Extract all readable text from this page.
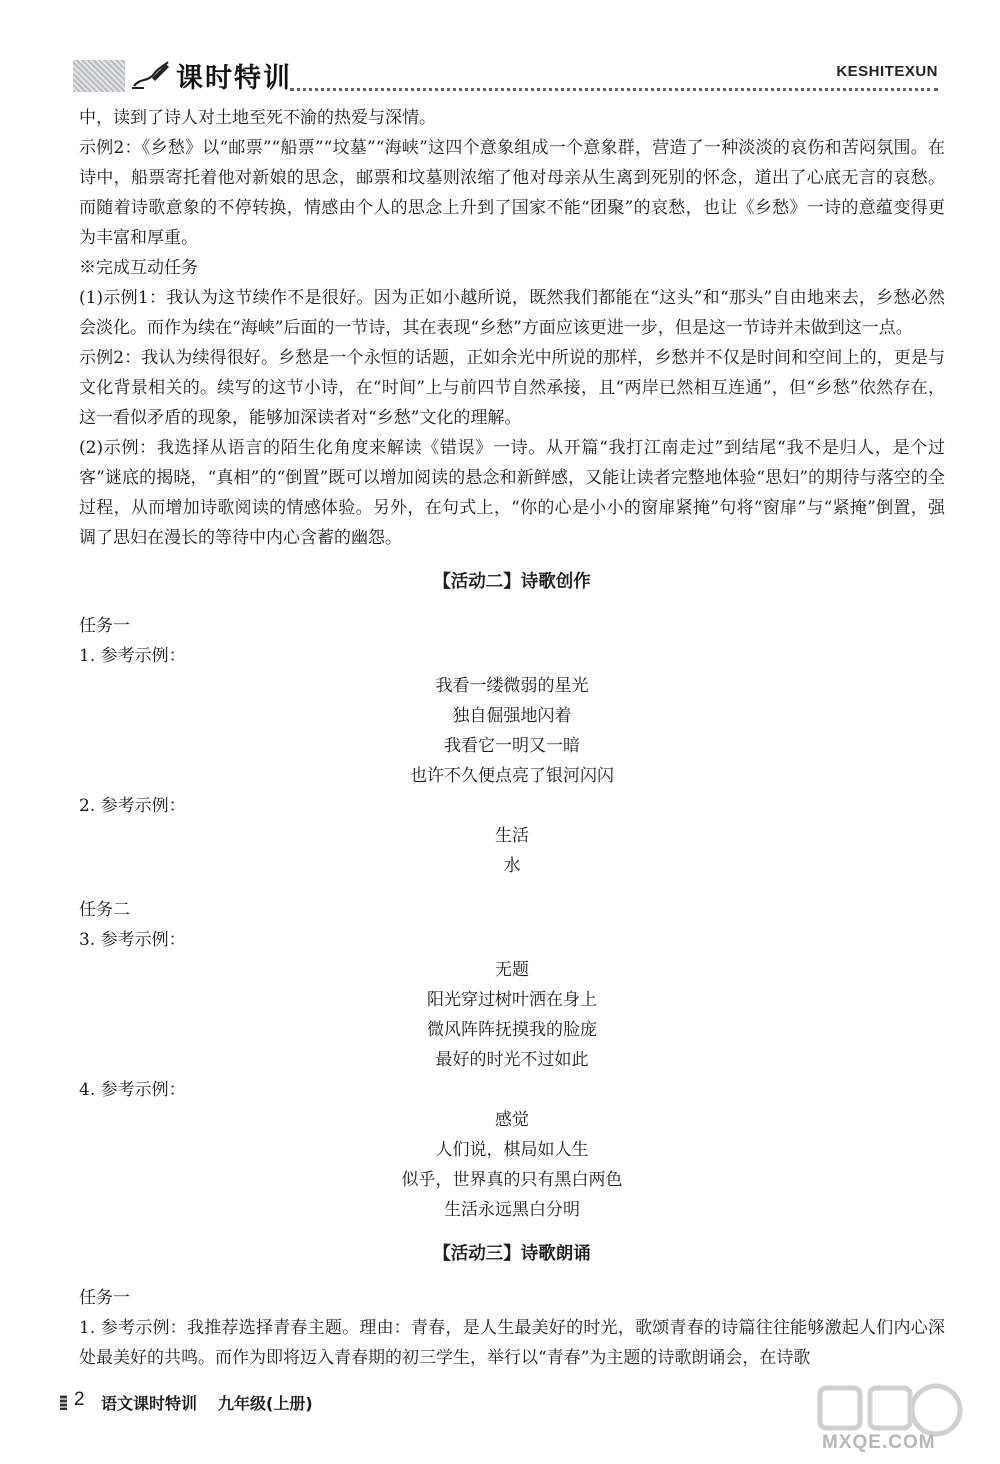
课时特训	KESHITEXUN

中，读到了诗人对土地至死不渝的热爱与深情。

示例2：《乡愁》以“邮票”“船票”“坟墓”“海峡”这四个意象组成一个意象群，营造了一种淡淡的哀伤和苦闷氛围。在诗中，船票寄托着他对新娘的思念，邮票和坟墓则浓缩了他对母亲从生离到死别的怀念，道出了心底无言的哀愁。而随着诗歌意象的不停转换，情感由个人的思念上升到了国家不能“团聚”的哀愁，也让《乡愁》一诗的意蕴变得更为丰富和厚重。

※完成互动任务

(1)示例1：我认为这节续作不是很好。因为正如小越所说，既然我们都能在“这头”和“那头”自由地来去，乡愁必然会淡化。而作为续在“海峡”后面的一节诗，其在表现“乡愁”方面应该更进一步，但是这一节诗并未做到这一点。

示例2：我认为续得很好。乡愁是一个永恒的话题，正如余光中所说的那样，乡愁并不仅是时间和空间上的，更是与文化背景相关的。续写的这节小诗，在“时间”上与前四节自然承接，且“两岸已然相互连通”，但“乡愁”依然存在，这一看似矛盾的现象，能够加深读者对“乡愁”文化的理解。

(2)示例：我选择从语言的陌生化角度来解读《错误》一诗。从开篇“我打江南走过”到结尾“我不是归人，是个过客”谜底的揭晓，“真相”的“倒置”既可以增加阅读的悬念和新鲜感，又能让读者完整地体验“思妇”的期待与落空的全过程，从而增加诗歌阅读的情感体验。另外，在句式上，“你的心是小小的窗扉紧掩”句将“窗扉”与“紧掩”倒置，强调了思妇在漫长的等待中内心含蓄的幽怨。

【活动二】诗歌创作

任务一

1. 参考示例：

我看一缕微弱的星光

独自倔强地闪着

我看它一明又一暗

也许不久便点亮了银河闪闪

2. 参考示例：

生活

水

任务二

3. 参考示例：

无题

阳光穿过树叶洒在身上

微风阵阵抚摸我的脸庞

最好的时光不过如此

4. 参考示例：

感觉

人们说，棋局如人生

似乎，世界真的只有黑白两色

生活永远黑白分明

【活动三】诗歌朗诵

任务一

1. 参考示例：我推荐选择青春主题。理由：青春，是人生最美好的时光，歌颂青春的诗篇往往能够激起人们内心深处最美好的共鸣。而作为即将迈入青春期的初三学生，举行以“青春”为主题的诗歌朗诵会，在诗歌

2 语文课时特训 九年级(上册)
MXQE.COM
